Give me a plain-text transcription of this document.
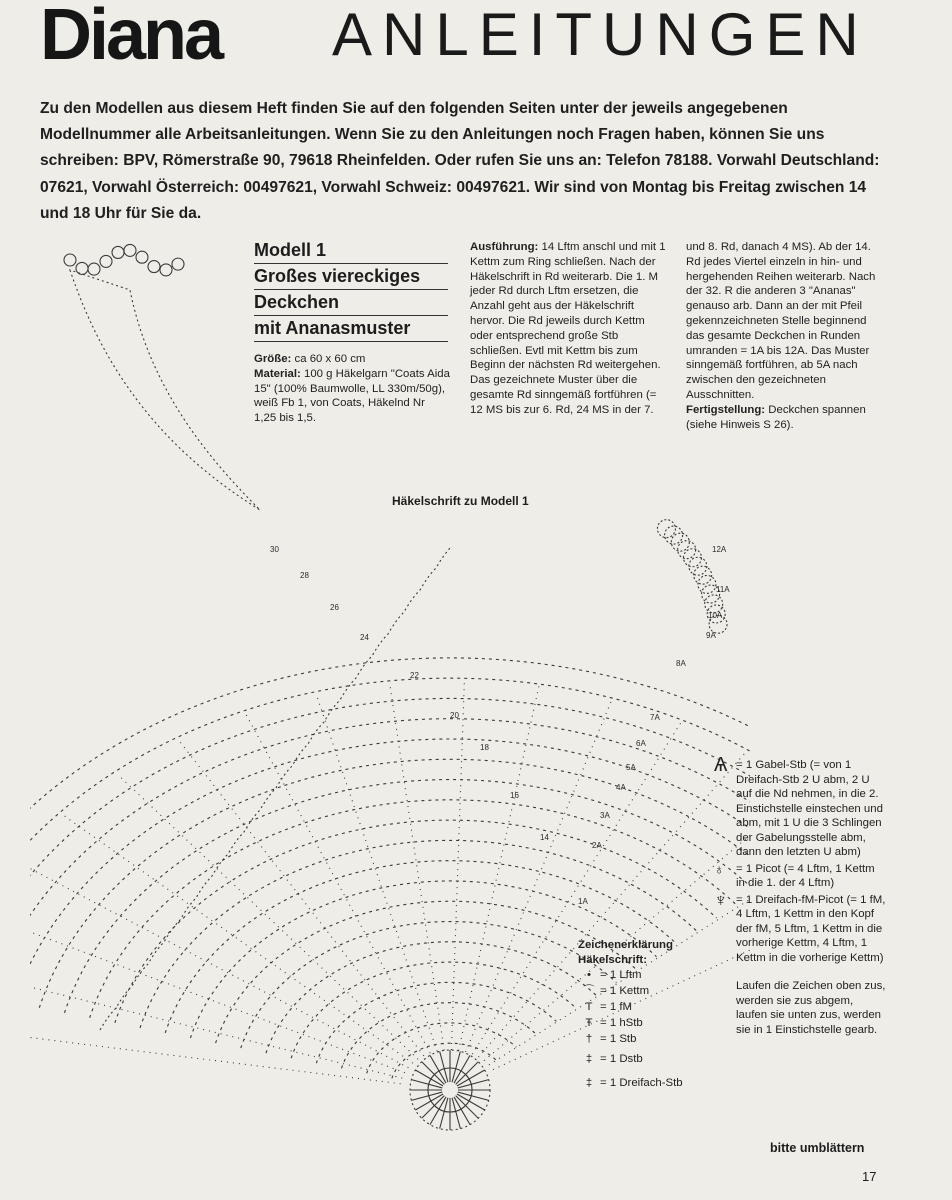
Diana ANLEITUNGEN
Zu den Modellen aus diesem Heft finden Sie auf den folgenden Seiten unter der jeweils angegebenen Modellnummer alle Arbeitsanleitungen. Wenn Sie zu den Anleitungen noch Fragen haben, können Sie uns schreiben: BPV, Römerstraße 90, 79618 Rheinfelden. Oder rufen Sie uns an: Telefon 78188. Vorwahl Deutschland: 07621, Vorwahl Österreich: 00497621, Vorwahl Schweiz: 00497621. Wir sind von Montag bis Freitag zwischen 14 und 18 Uhr für Sie da.
Modell 1
Großes viereckiges
Deckchen
mit Ananasmuster
Größe: ca 60 x 60 cm
Material: 100 g Häkelgarn "Coats Aida 15" (100% Baumwolle, LL 330m/50g), weiß Fb 1, von Coats, Häkelnd Nr 1,25 bis 1,5.
Ausführung: 14 Lftm anschl und mit 1 Kettm zum Ring schließen. Nach der Häkelschrift in Rd weiterarb. Die 1. M jeder Rd durch Lftm ersetzen, die Anzahl geht aus der Häkelschrift hervor. Die Rd jeweils durch Kettm oder entsprechend große Stb schließen. Evtl mit Kettm bis zum Beginn der nächsten Rd weitergehen. Das gezeichnete Muster über die gesamte Rd sinngemäß fortführen (= 12 MS bis zur 6. Rd, 24 MS in der 7.
und 8. Rd, danach 4 MS). Ab der 14. Rd jedes Viertel einzeln in hin- und hergehenden Reihen weiterarb. Nach der 32. R die anderen 3 "Ananas" genauso arb. Dann an der mit Pfeil gekennzeichneten Stelle beginnend das gesamte Deckchen in Runden umranden = 1A bis 12A. Das Muster sinngemäß fortführen, ab 5A nach zwischen den gezeichneten Ausschnitten.
Fertigstellung: Deckchen spannen (siehe Hinweis S 26).
Häkelschrift zu Modell 1
30
28
26
24
22
20
18
16
14
12A
11A
10A
9A
8A
7A
6A
5A
4A
3A
2A
1A
Zeichenerklärung
Häkelschrift:
• = 1 Lftm
⌒ = 1 Kettm
T = 1 fM
Ŧ = 1 hStb
† = 1 Stb
‡ = 1 Dstb
‡ = 1 Dreifach-Stb
Ѧ = 1 Gabel-Stb (= von 1 Dreifach-Stb 2 U abm, 2 U auf die Nd nehmen, in die 2. Einstichstelle einstechen und abm, mit 1 U die 3 Schlingen der Gabelungsstelle abm, dann den letzten U abm)
♁	= 1 Picot (= 4 Lftm, 1 Kettm in die 1. der 4 Lftm)
♆ = 1 Dreifach-fM-Picot (= 1 fM, 4 Lftm, 1 Kettm in den Kopf der fM, 5 Lftm, 1 Kettm in die vorherige Kettm, 4 Lftm, 1 Kettm in die vorherige Kettm)
Laufen die Zeichen oben zus, werden sie zus abgem, laufen sie unten zus, werden sie in 1 Einstichstelle gearb.
bitte umblättern
17
